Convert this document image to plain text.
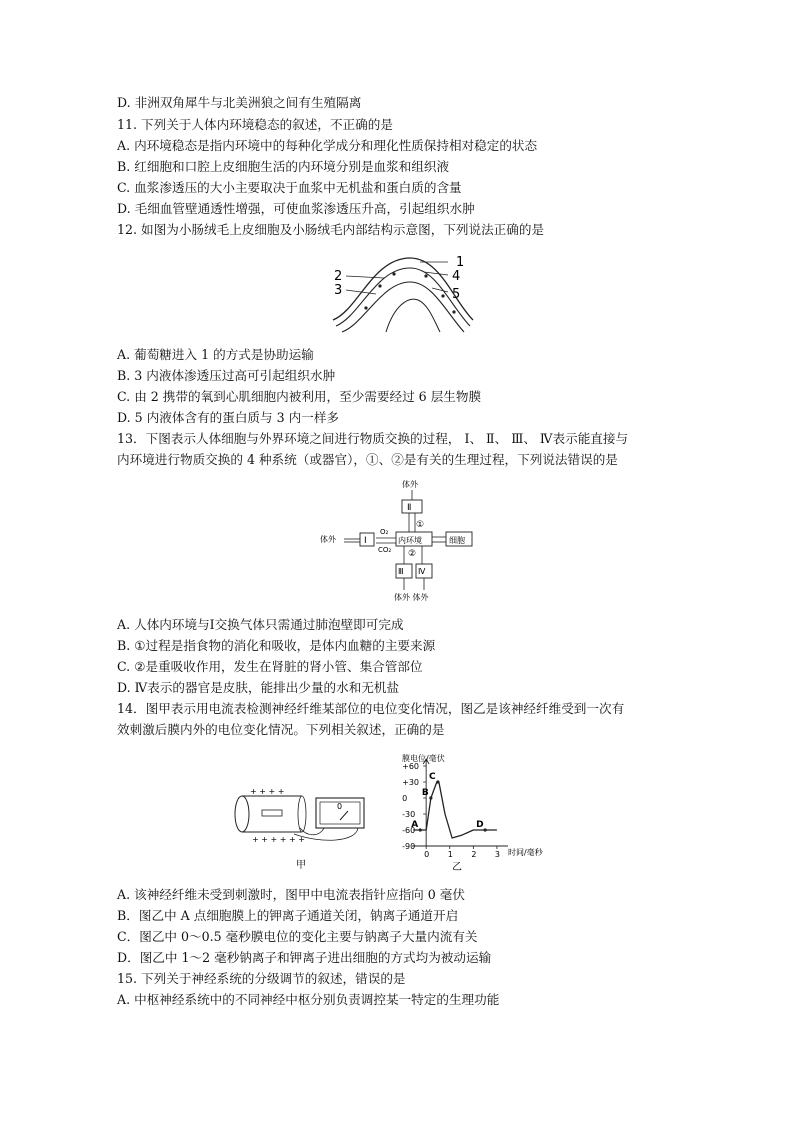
D. 非洲双角犀牛与北美洲狼之间有生殖隔离
11. 下列关于人体内环境稳态的叙述，不正确的是
A. 内环境稳态是指内环境中的每种化学成分和理化性质保持相对稳定的状态
B. 红细胞和口腔上皮细胞生活的内环境分别是血浆和组织液
C. 血浆渗透压的大小主要取决于血浆中无机盐和蛋白质的含量
D. 毛细血管壁通透性增强，可使血浆渗透压升高，引起组织水肿
12. 如图为小肠绒毛上皮细胞及小肠绒毛内部结构示意图，下列说法正确的是
1
2
3
4
5
A. 葡萄糖进入 1 的方式是协助运输
B. 3 内液体渗透压过高可引起组织水肿
C. 由 2 携带的氧到心肌细胞内被利用，至少需要经过 6 层生物膜
D. 5 内液体含有的蛋白质与 3 内一样多
13．下图表示人体细胞与外界环境之间进行物质交换的过程， Ⅰ、 Ⅱ、 Ⅲ、 Ⅳ表示能直接与
内环境进行物质交换的 4 种系统（或器官），①、②是有关的生理过程，下列说法错误的是
体外
Ⅱ
①
体外	Ⅰ
O₂
CO₂
内环境	细胞
②
Ⅲ Ⅳ
体外 体外
A. 人体内环境与Ⅰ交换气体只需通过肺泡壁即可完成
B. ①过程是指食物的消化和吸收，是体内血糖的主要来源
C. ②是重吸收作用，发生在肾脏的肾小管、集合管部位
D. Ⅳ表示的器官是皮肤，能排出少量的水和无机盐
14．图甲表示用电流表检测神经纤维某部位的电位变化情况，图乙是该神经纤维受到一次有
效刺激后膜内外的电位变化情况。下列相关叙述，正确的是
+ + + +
+ + + + + +
0
甲
+60
+30
0
-30
-60
-90
0 1 2 3
A
B
C
D
膜电位/毫伏
时间/毫秒
乙
A. 该神经纤维未受到刺激时，图甲中电流表指针应指向 0 毫伏
B．图乙中 A 点细胞膜上的钾离子通道关闭，钠离子通道开启
C．图乙中 0～0.5 毫秒膜电位的变化主要与钠离子大量内流有关
D．图乙中 1～2 毫秒钠离子和钾离子进出细胞的方式均为被动运输
15. 下列关于神经系统的分级调节的叙述，错误的是
A. 中枢神经系统中的不同神经中枢分别负责调控某一特定的生理功能
